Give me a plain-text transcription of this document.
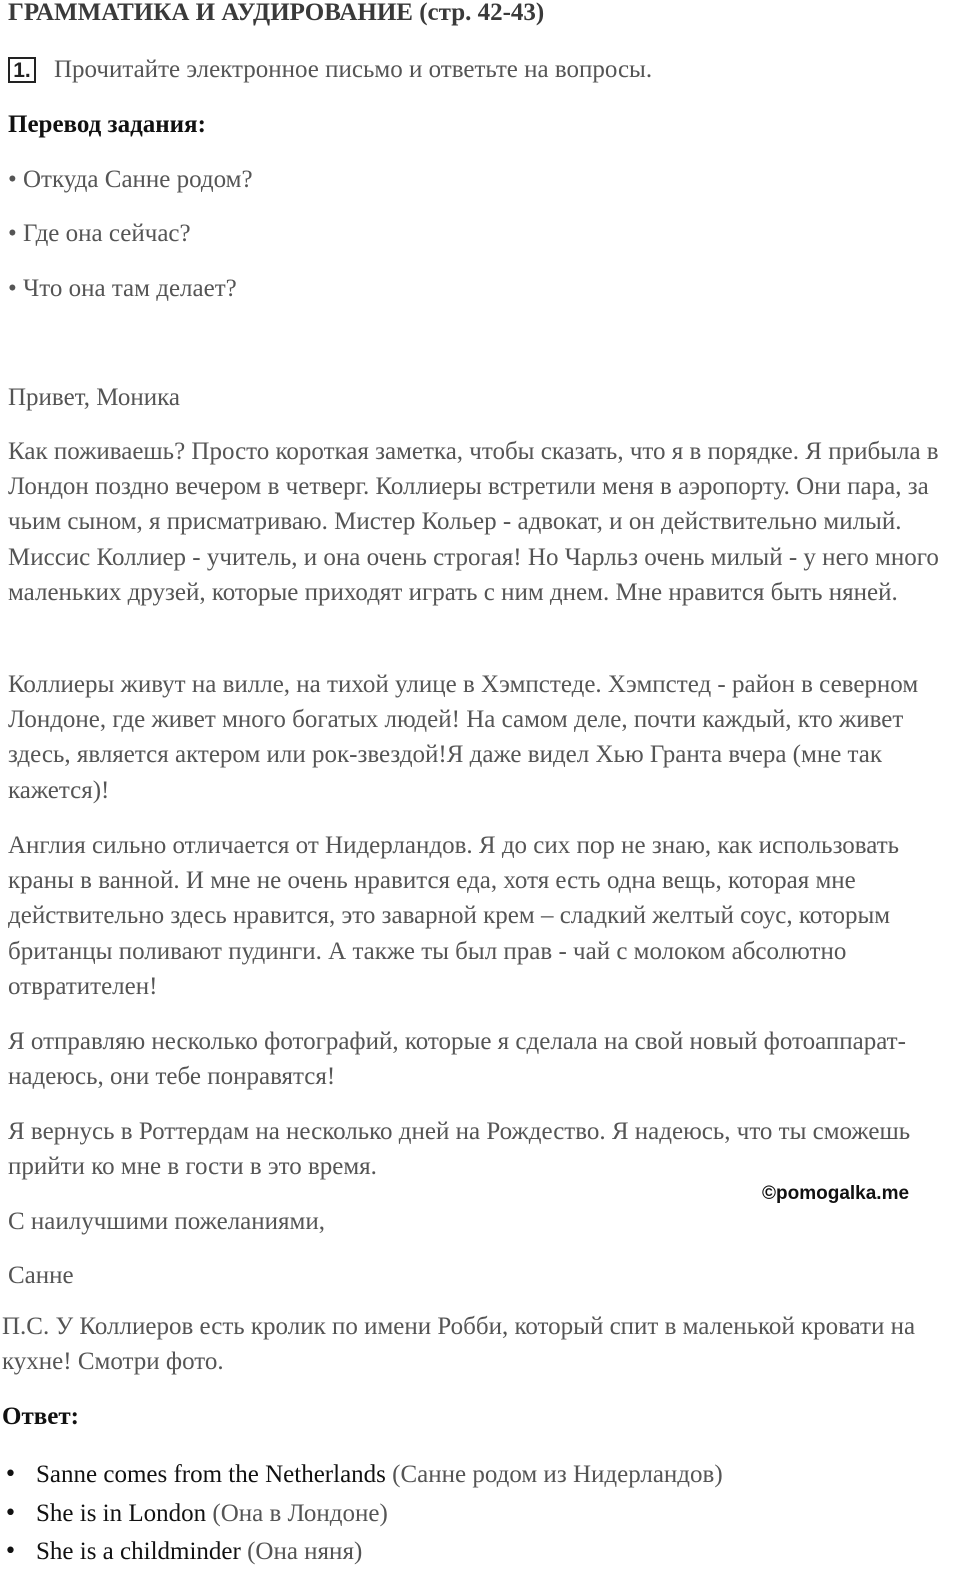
ГРАММАТИКА И АУДИРОВАНИЕ (стр. 42-43)
1. Прочитайте электронное письмо и ответьте на вопросы.
Перевод задания:
• Откуда Санне родом?
• Где она сейчас?
• Что она там делает?
Привет, Моника

Как поживаешь? Просто короткая заметка, чтобы сказать, что я в порядке. Я прибыла в Лондон поздно вечером в четверг. Коллиеры встретили меня в аэропорту. Они пара, за чьим сыном, я присматриваю. Мистер Кольер - адвокат, и он действительно милый. Миссис Коллиер - учитель, и она очень строгая! Но Чарльз очень милый - у него много маленьких друзей, которые приходят играть с ним днем. Мне нравится быть няней.

Коллиеры живут на вилле, на тихой улице в Хэмпстеде. Хэмпстед - район в северном Лондоне, где живет много богатых людей! На самом деле, почти каждый, кто живет здесь, является актером или рок-звездой!Я даже видел Хью Гранта вчера (мне так кажется)!

Англия сильно отличается от Нидерландов. Я до сих пор не знаю, как использовать краны в ванной. И мне не очень нравится еда, хотя есть одна вещь, которая мне действительно здесь нравится, это заварной крем – сладкий желтый соус, которым британцы поливают пудинги. А также ты был прав - чай с молоком абсолютно отвратителен!

Я отправляю несколько фотографий, которые я сделала на свой новый фотоаппарат- надеюсь, они тебе понравятся!

Я вернусь в Роттердам на несколько дней на Рождество. Я надеюсь, что ты сможешь прийти ко мне в гости в это время.

©pomogalka.me
С наилучшими пожеланиями,
Санне

П.С. У Коллиеров есть кролик по имени Робби, который спит в маленькой кровати на кухне! Смотри фото.

Ответ:
• Sanne comes from the Netherlands (Санне родом из Нидерландов)
• She is in London (Она в Лондоне)
• She is a childminder (Она няня)
